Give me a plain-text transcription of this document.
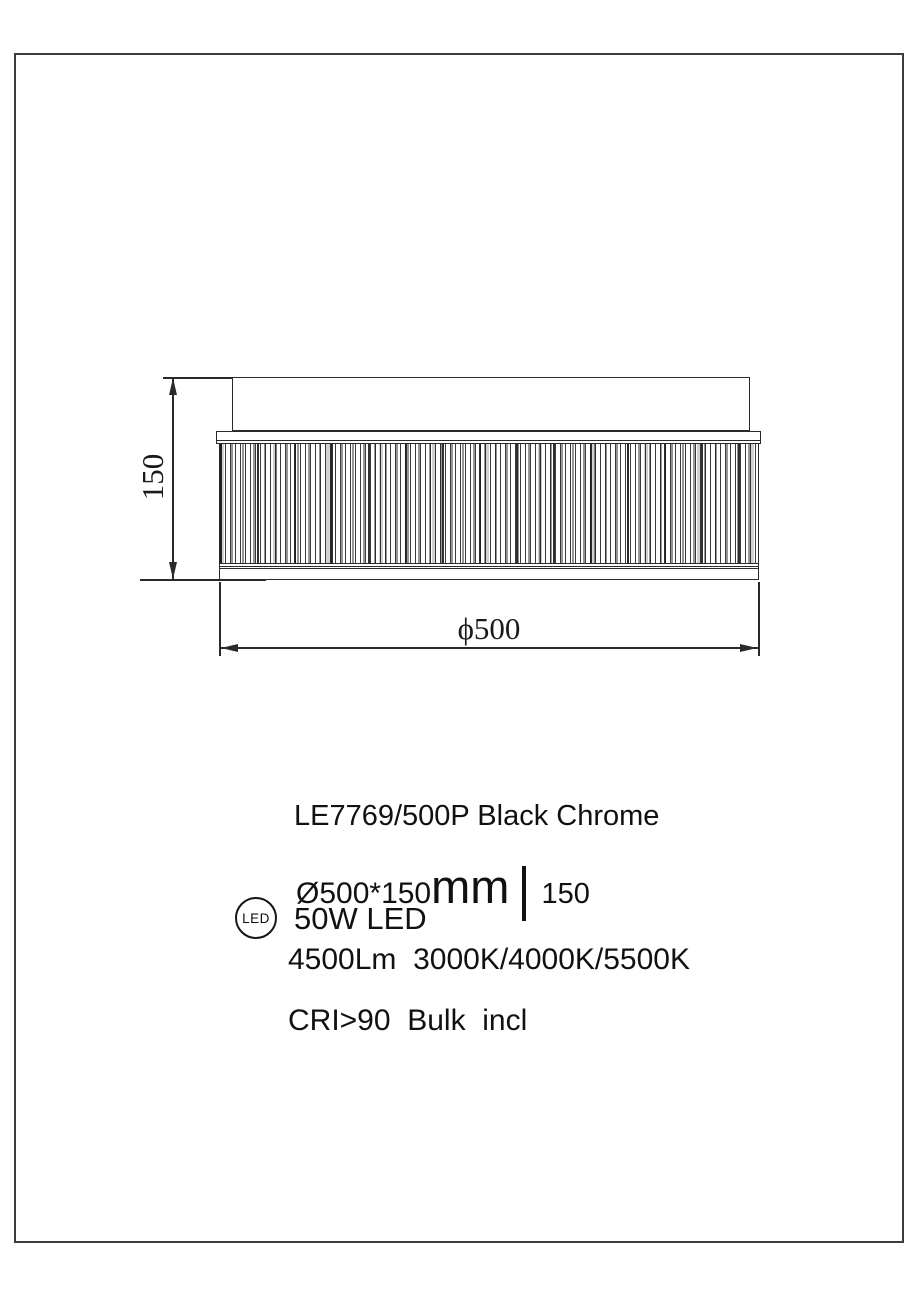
150
ϕ500
LE7769/500P Black Chrome
Ø500*150 mm 150
LED 50W LED
4500Lm  3000K/4000K/5500K
CRI>90  Bulk  incl
